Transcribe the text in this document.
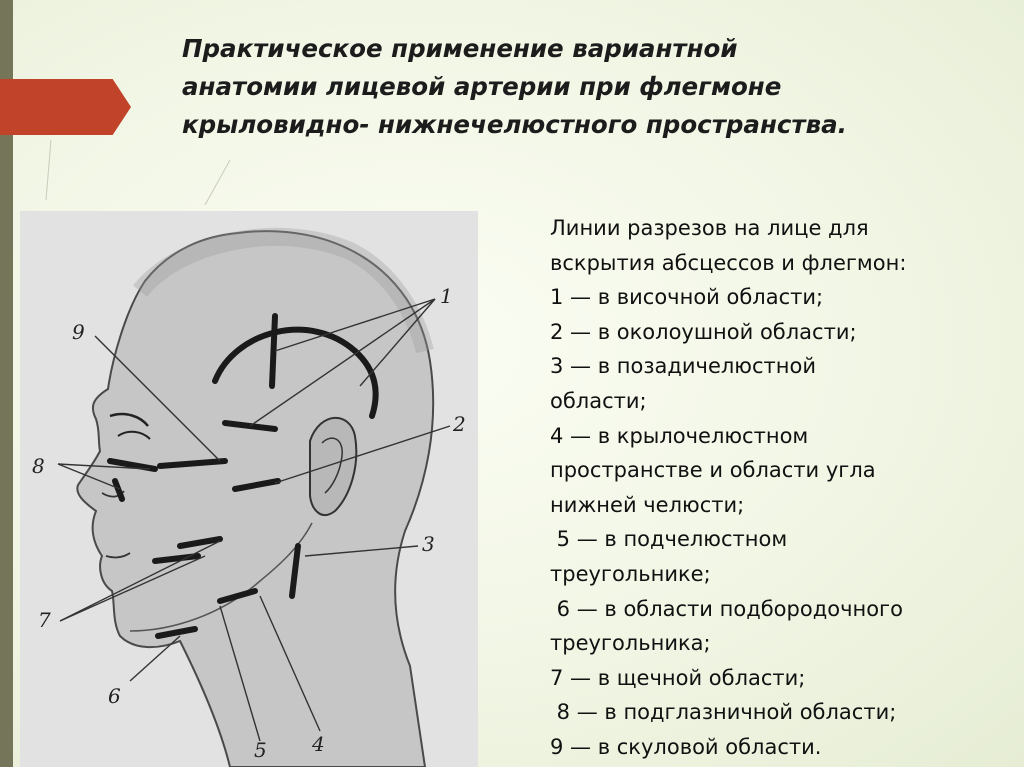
Практическое применение вариантной
анатомии лицевой артерии при флегмоне
крыловидно- нижнечелюстного пространства.
1
2
3
4
5
6
7
8
9
Линии разрезов на лице для
вскрытия абсцессов и флегмон:
1 — в височной области;
2 — в околоушной области;
3 — в позадичелюстной
области;
4 — в крылочелюстном
пространстве и области угла
нижней челюсти;
5 — в подчелюстном
треугольнике;
6 — в области подбородочного
треугольника;
7 — в щечной области;
8 — в подглазничной области;
9 — в скуловой области.
